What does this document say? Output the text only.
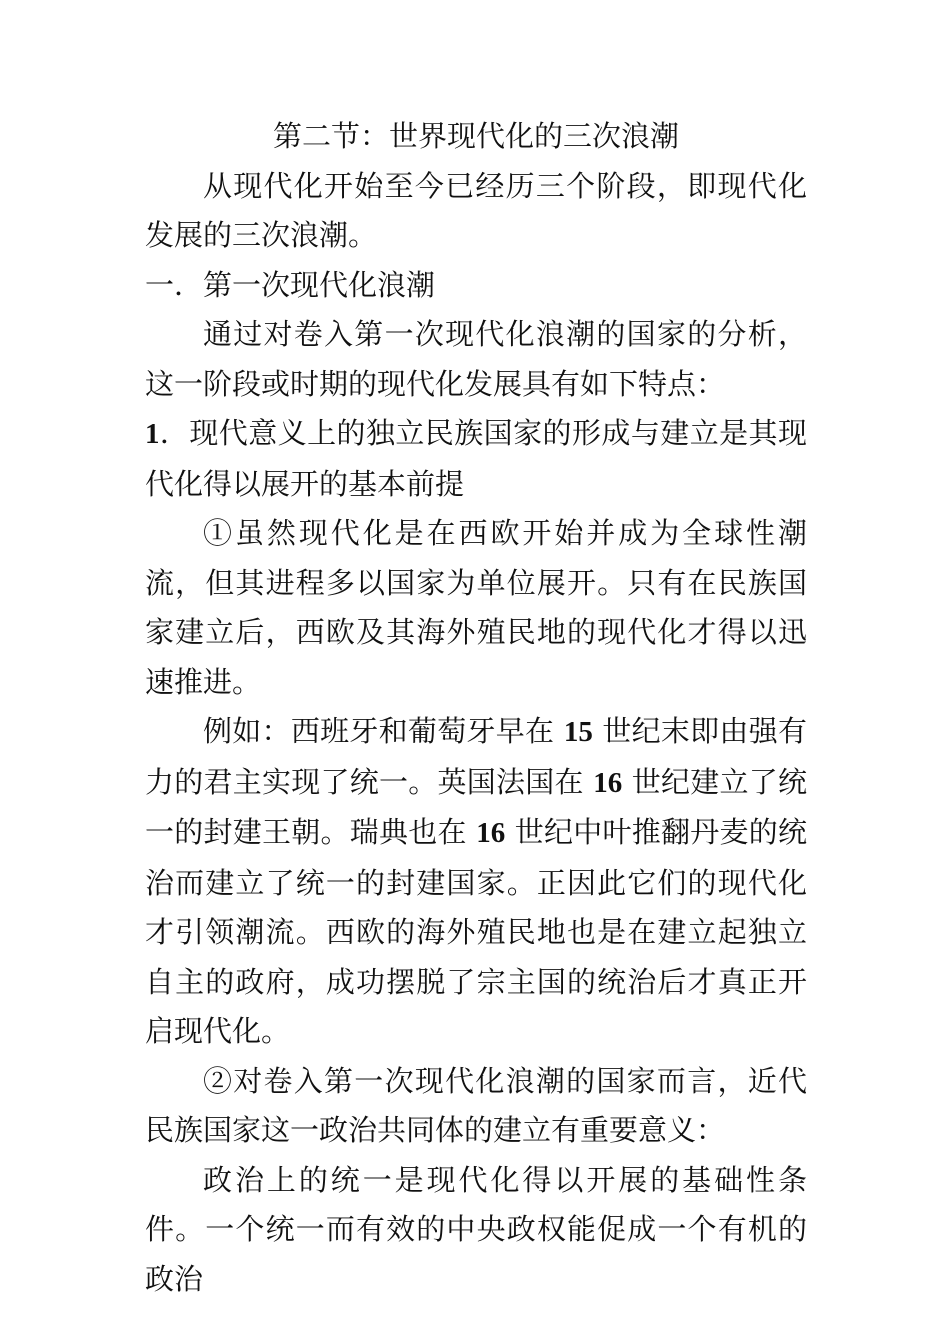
第二节：世界现代化的三次浪潮

从现代化开始至今已经历三个阶段，即现代化发展的三次浪潮。

一．第一次现代化浪潮

通过对卷入第一次现代化浪潮的国家的分析，这一阶段或时期的现代化发展具有如下特点：

1．现代意义上的独立民族国家的形成与建立是其现代化得以展开的基本前提

①虽然现代化是在西欧开始并成为全球性潮流，但其进程多以国家为单位展开。只有在民族国家建立后，西欧及其海外殖民地的现代化才得以迅速推进。

例如：西班牙和葡萄牙早在 15 世纪末即由强有力的君主实现了统一。英国法国在 16 世纪建立了统一的封建王朝。瑞典也在 16 世纪中叶推翻丹麦的统治而建立了统一的封建国家。正因此它们的现代化才引领潮流。西欧的海外殖民地也是在建立起独立自主的政府，成功摆脱了宗主国的统治后才真正开启现代化。

②对卷入第一次现代化浪潮的国家而言，近代民族国家这一政治共同体的建立有重要意义：

政治上的统一是现代化得以开展的基础性条件。一个统一而有效的中央政权能促成一个有机的政治
